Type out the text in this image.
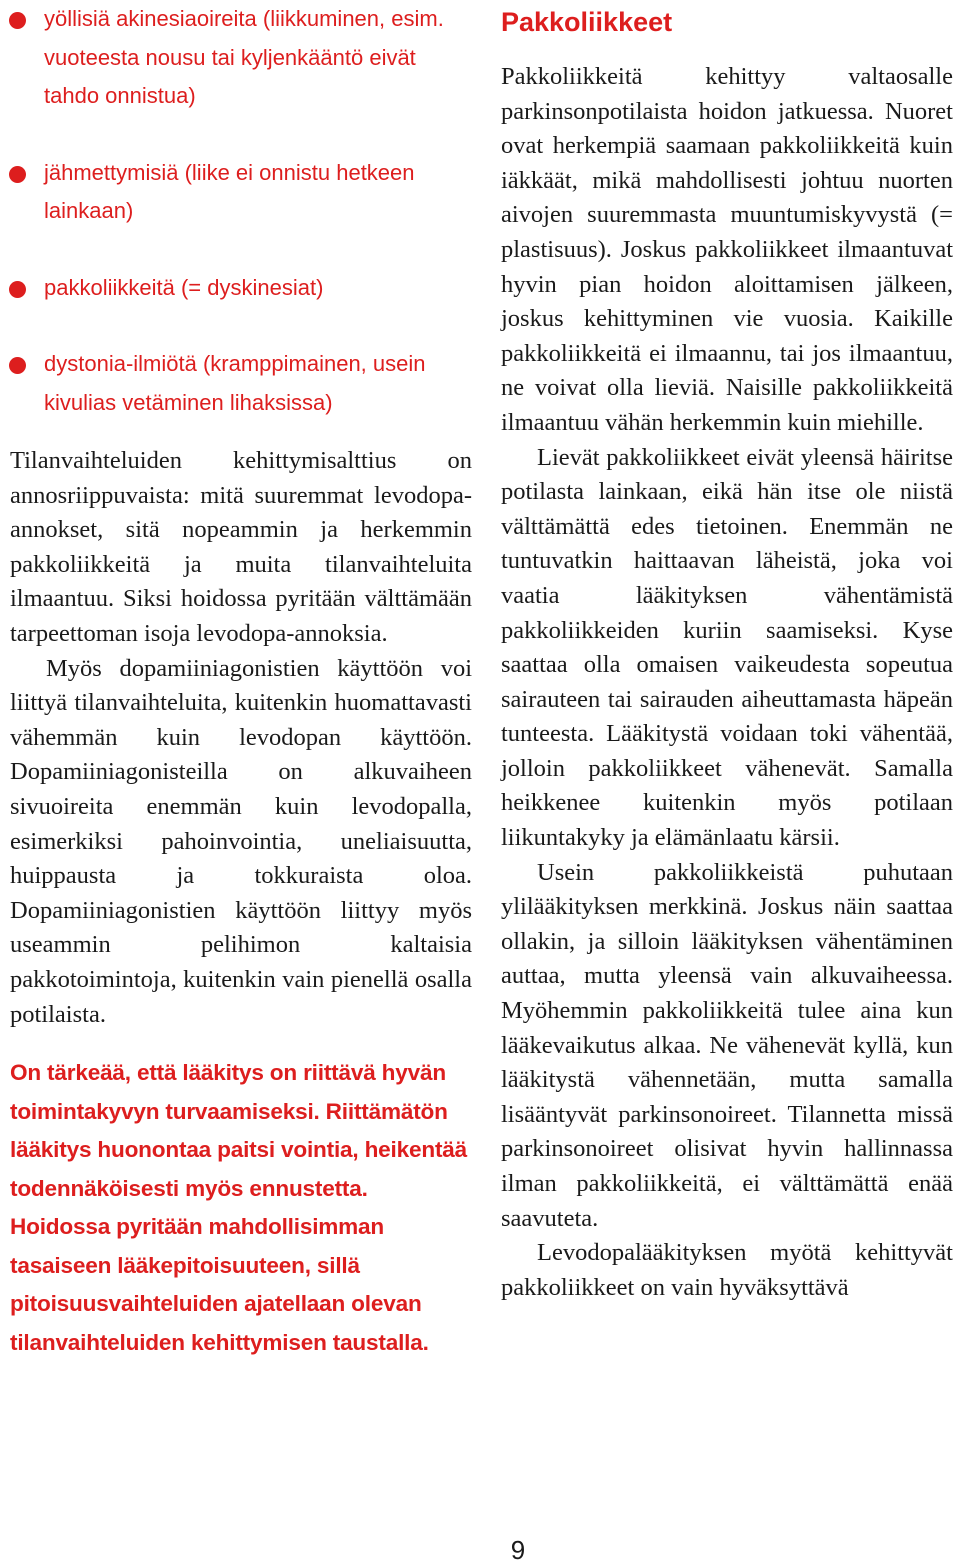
yöllisiä akinesiaoireita (liikkuminen, esim. vuoteesta nousu tai kyljenkääntö eivät tahdo onnistua)
jähmettymisiä (liike ei onnistu hetkeen lainkaan)
pakkoliikkeitä (= dyskinesiat)
dystonia-ilmiötä (kramppimainen, usein kivulias vetäminen lihaksissa)

Tilanvaihteluiden kehittymisalttius on annosriippuvaista: mitä suuremmat levodopa-annokset, sitä nopeammin ja herkemmin pakkoliikkeitä ja muita tilanvaihteluita ilmaantuu. Siksi hoidossa pyritään välttämään tarpeettoman isoja levodopa-annoksia.

Myös dopamiiniagonistien käyttöön voi liittyä tilanvaihteluita, kuitenkin huomattavasti vähemmän kuin levodopan käyttöön. Dopamiiniagonisteilla on alkuvaiheen sivuoireita enemmän kuin levodopalla, esimerkiksi pahoinvointia, uneliaisuutta, huippausta ja tokkuraista oloa. Dopamiiniagonistien käyttöön liittyy myös useammin pelihimon kaltaisia pakkotoimintoja, kuitenkin vain pienellä osalla potilaista.

On tärkeää, että lääkitys on riittävä hyvän toimintakyvyn turvaamiseksi. Riittämätön lääkitys huonontaa paitsi vointia, heikentää todennäköisesti myös ennustetta. Hoidossa pyritään mahdollisimman tasaiseen lääkepitoisuuteen, sillä pitoisuusvaihteluiden ajatellaan olevan tilanvaihteluiden kehittymisen taustalla.

Pakkoliikkeet

Pakkoliikkeitä kehittyy valtaosalle parkinsonpotilaista hoidon jatkuessa. Nuoret ovat herkempiä saamaan pakkoliikkeitä kuin iäkkäät, mikä mahdollisesti johtuu nuorten aivojen suuremmasta muuntumiskyvystä (= plastisuus). Joskus pakkoliikkeet ilmaantuvat hyvin pian hoidon aloittamisen jälkeen, joskus kehittyminen vie vuosia. Kaikille pakkoliikkeitä ei ilmaannu, tai jos ilmaantuu, ne voivat olla lieviä. Naisille pakkoliikkeitä ilmaantuu vähän herkemmin kuin miehille.

Lievät pakkoliikkeet eivät yleensä häiritse potilasta lainkaan, eikä hän itse ole niistä välttämättä edes tietoinen. Enemmän ne tuntuvatkin haittaavan läheistä, joka voi vaatia lääkityksen vähentämistä pakkoliikkeiden kuriin saamiseksi. Kyse saattaa olla omaisen vaikeudesta sopeutua sairauteen tai sairauden aiheuttamasta häpeän tunteesta. Lääkitystä voidaan toki vähentää, jolloin pakkoliikkeet vähenevät. Samalla heikkenee kuitenkin myös potilaan liikuntakyky ja elämänlaatu kärsii.

Usein pakkoliikkeistä puhutaan ylilääkityksen merkkinä. Joskus näin saattaa ollakin, ja silloin lääkityksen vähentäminen auttaa, mutta yleensä vain alkuvaiheessa. Myöhemmin pakkoliikkeitä tulee aina kun lääkevaikutus alkaa. Ne vähenevät kyllä, kun lääkitystä vähennetään, mutta samalla lisääntyvät parkinsonoireet. Tilannetta missä parkinsonoireet olisivat hyvin hallinnassa ilman pakkoliikkeitä, ei välttämättä enää saavuteta.

Levodopalääkityksen myötä kehittyvät pakkoliikkeet on vain hyväksyttävä

9
